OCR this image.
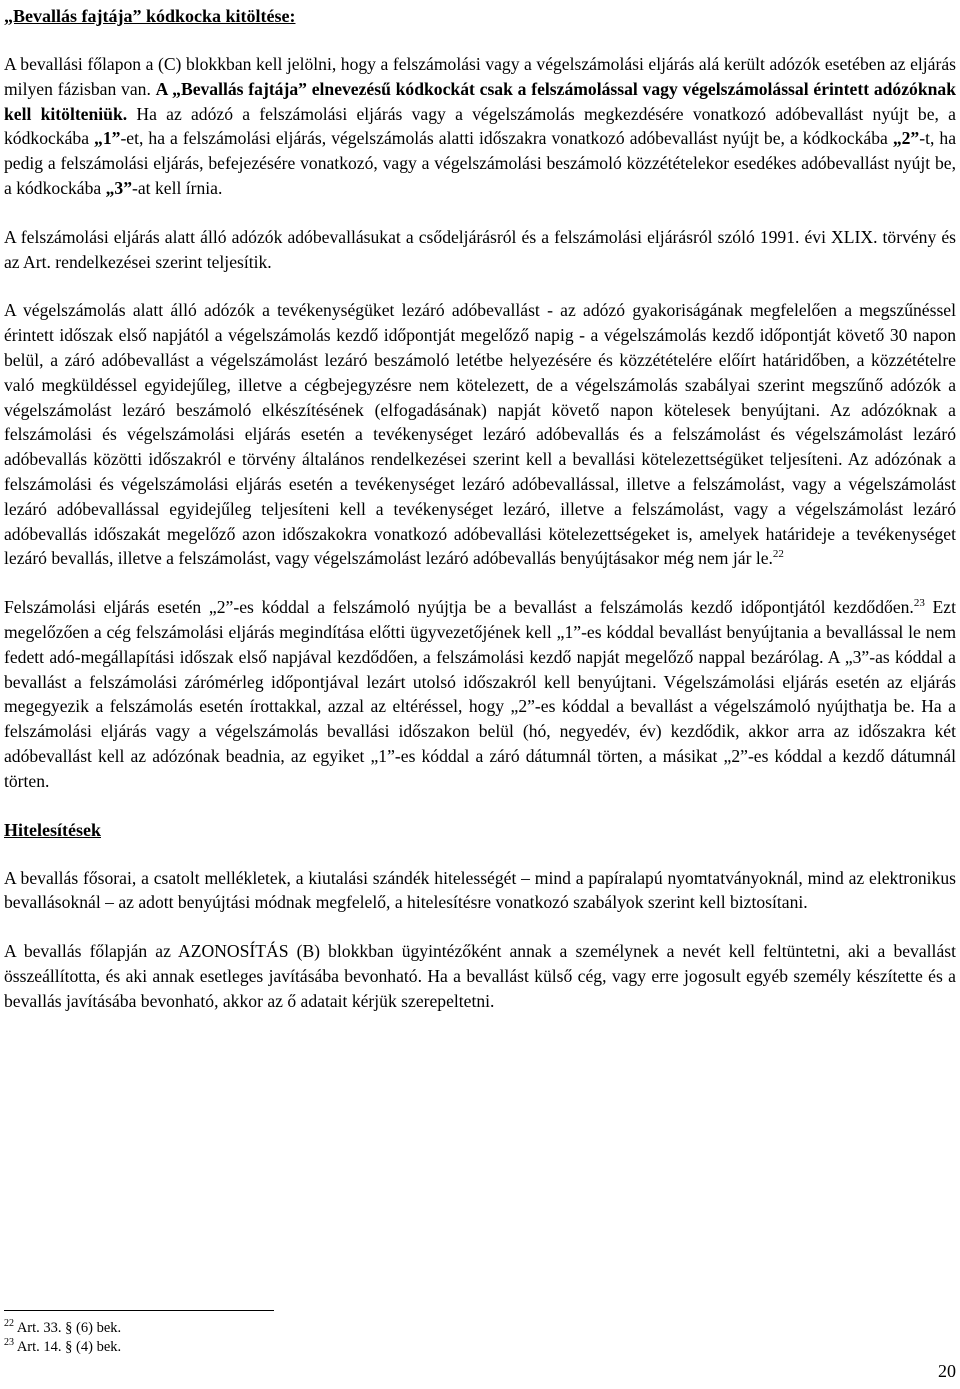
„Bevallás fajtája” kódkocka kitöltése:

A bevallási főlapon a (C) blokkban kell jelölni, hogy a felszámolási vagy a végelszámolási eljárás alá került adózók esetében az eljárás milyen fázisban van. A „Bevallás fajtája” elnevezésű kódkockát csak a felszámolással vagy végelszámolással érintett adózóknak kell kitölteniük. Ha az adózó a felszámolási eljárás vagy a végelszámolás megkezdésére vonatkozó adóbevallást nyújt be, a kódkockába „1”-et, ha a felszámolási eljárás, végelszámolás alatti időszakra vonatkozó adóbevallást nyújt be, a kódkockába „2”-t, ha pedig a felszámolási eljárás, befejezésére vonatkozó, vagy a végelszámolási beszámoló közzétételekor esedékes adóbevallást nyújt be, a kódkockába „3”-at kell írnia.

A felszámolási eljárás alatt álló adózók adóbevallásukat a csődeljárásról és a felszámolási eljárásról szóló 1991. évi XLIX. törvény és az Art. rendelkezései szerint teljesítik.

A végelszámolás alatt álló adózók a tevékenységüket lezáró adóbevallást - az adózó gyakoriságának megfelelően a megszűnéssel érintett időszak első napjától a végelszámolás kezdő időpontját megelőző napig - a végelszámolás kezdő időpontját követő 30 napon belül, a záró adóbevallást a végelszámolást lezáró beszámoló letétbe helyezésére és közzétételére előírt határidőben, a közzétételre való megküldéssel egyidejűleg, illetve a cégbejegyzésre nem kötelezett, de a végelszámolás szabályai szerint megszűnő adózók a végelszámolást lezáró beszámoló elkészítésének (elfogadásának) napját követő napon kötelesek benyújtani. Az adózóknak a felszámolási és végelszámolási eljárás esetén a tevékenységet lezáró adóbevallás és a felszámolást és végelszámolást lezáró adóbevallás közötti időszakról e törvény általános rendelkezései szerint kell a bevallási kötelezettségüket teljesíteni. Az adózónak a felszámolási és végelszámolási eljárás esetén a tevékenységet lezáró adóbevallással, illetve a felszámolást, vagy a végelszámolást lezáró adóbevallással egyidejűleg teljesíteni kell a tevékenységet lezáró, illetve a felszámolást, vagy a végelszámolást lezáró adóbevallás időszakát megelőző azon időszakokra vonatkozó adóbevallási kötelezettségeket is, amelyek határideje a tevékenységet lezáró bevallás, illetve a felszámolást, vagy végelszámolást lezáró adóbevallás benyújtásakor még nem jár le.$^{22}$

Felszámolási eljárás esetén „2”-es kóddal a felszámoló nyújtja be a bevallást a felszámolás kezdő időpontjától kezdődően.$^{23}$ Ezt megelőzően a cég felszámolási eljárás megindítása előtti ügyvezetőjének kell „1”-es kóddal bevallást benyújtania a bevallással le nem fedett adó-megállapítási időszak első napjával kezdődően, a felszámolási kezdő napját megelőző nappal bezárólag. A „3”-as kóddal a bevallást a felszámolási zárómérleg időpontjával lezárt utolsó időszakról kell benyújtani. Végelszámolási eljárás esetén az eljárás megegyezik a felszámolás esetén írottakkal, azzal az eltéréssel, hogy „2”-es kóddal a bevallást a végelszámoló nyújthatja be. Ha a felszámolási eljárás vagy a végelszámolás bevallási időszakon belül (hó, negyedév, év) kezdődik, akkor arra az időszakra két adóbevallást kell az adózónak beadnia, az egyiket „1”-es kóddal a záró dátumnál törten, a másikat „2”-es kóddal a kezdő dátumnál törten.

Hitelesítések

A bevallás fősorai, a csatolt mellékletek, a kiutalási szándék hitelességét – mind a papíralapú nyomtatványoknál, mind az elektronikus bevallásoknál – az adott benyújtási módnak megfelelő, a hitelesítésre vonatkozó szabályok szerint kell biztosítani.

A bevallás főlapján az AZONOSÍTÁS (B) blokkban ügyintézőként annak a személynek a nevét kell feltüntetni, aki a bevallást összeállította, és aki annak esetleges javításába bevonható. Ha a bevallást külső cég, vagy erre jogosult egyéb személy készítette és a bevallás javításába bevonható, akkor az ő adatait kérjük szerepeltetni.

$^{22}$ Art. 33. § (6) bek.
$^{23}$ Art. 14. § (4) bek.
20
